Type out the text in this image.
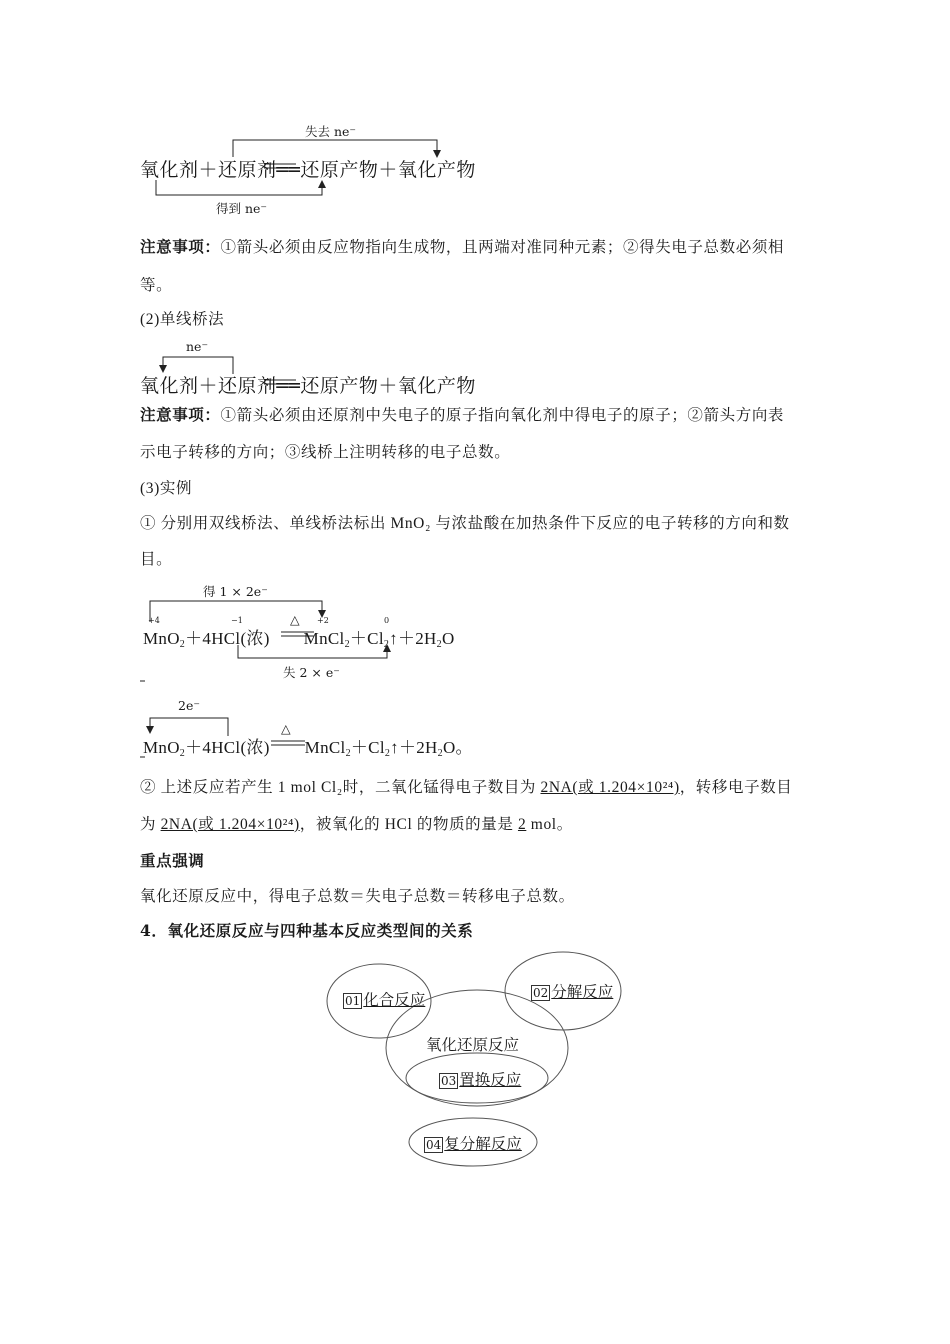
失去 ne⁻
氧化剂＋还原剂══还原产物＋氧化产物
得到 ne⁻
注意事项：①箭头必须由反应物指向生成物，且两端对准同种元素；②得失电子总数必须相
等。
(2)单线桥法
ne⁻
氧化剂＋还原剂══还原产物＋氧化产物
注意事项：①箭头必须由还原剂中失电子的原子指向氧化剂中得电子的原子；②箭头方向表
示电子转移的方向；③线桥上注明转移的电子总数。
(3)实例
① 分别用双线桥法、单线桥法标出 MnO₂ 与浓盐酸在加热条件下反应的电子转移的方向和数
目。
得 1 × 2e⁻
+4	−1	+2	0
△
MnO$_2$＋4HCl(浓) $MnCl_2+Cl_2↑+2H_2O$
失 2 × e⁻
2e⁻
△
MnO$_2$＋4HCl(浓) $MnCl_2+Cl_2↑+2H_2O$。
② 上述反应若产生 1 mol Cl₂时，二氧化锰得电子数目为 2NA(或 1.204×10²⁴)，转移电子数目
为 2NA(或 1.204×10²⁴)，被氧化的 HCl 的物质的量是 2 mol。
重点强调
氧化还原反应中，得电子总数＝失电子总数＝转移电子总数。
4．氧化还原反应与四种基本反应类型间的关系
01 化合反应	02 分解反应
氧化还原反应
03 置换反应
04 复分解反应
